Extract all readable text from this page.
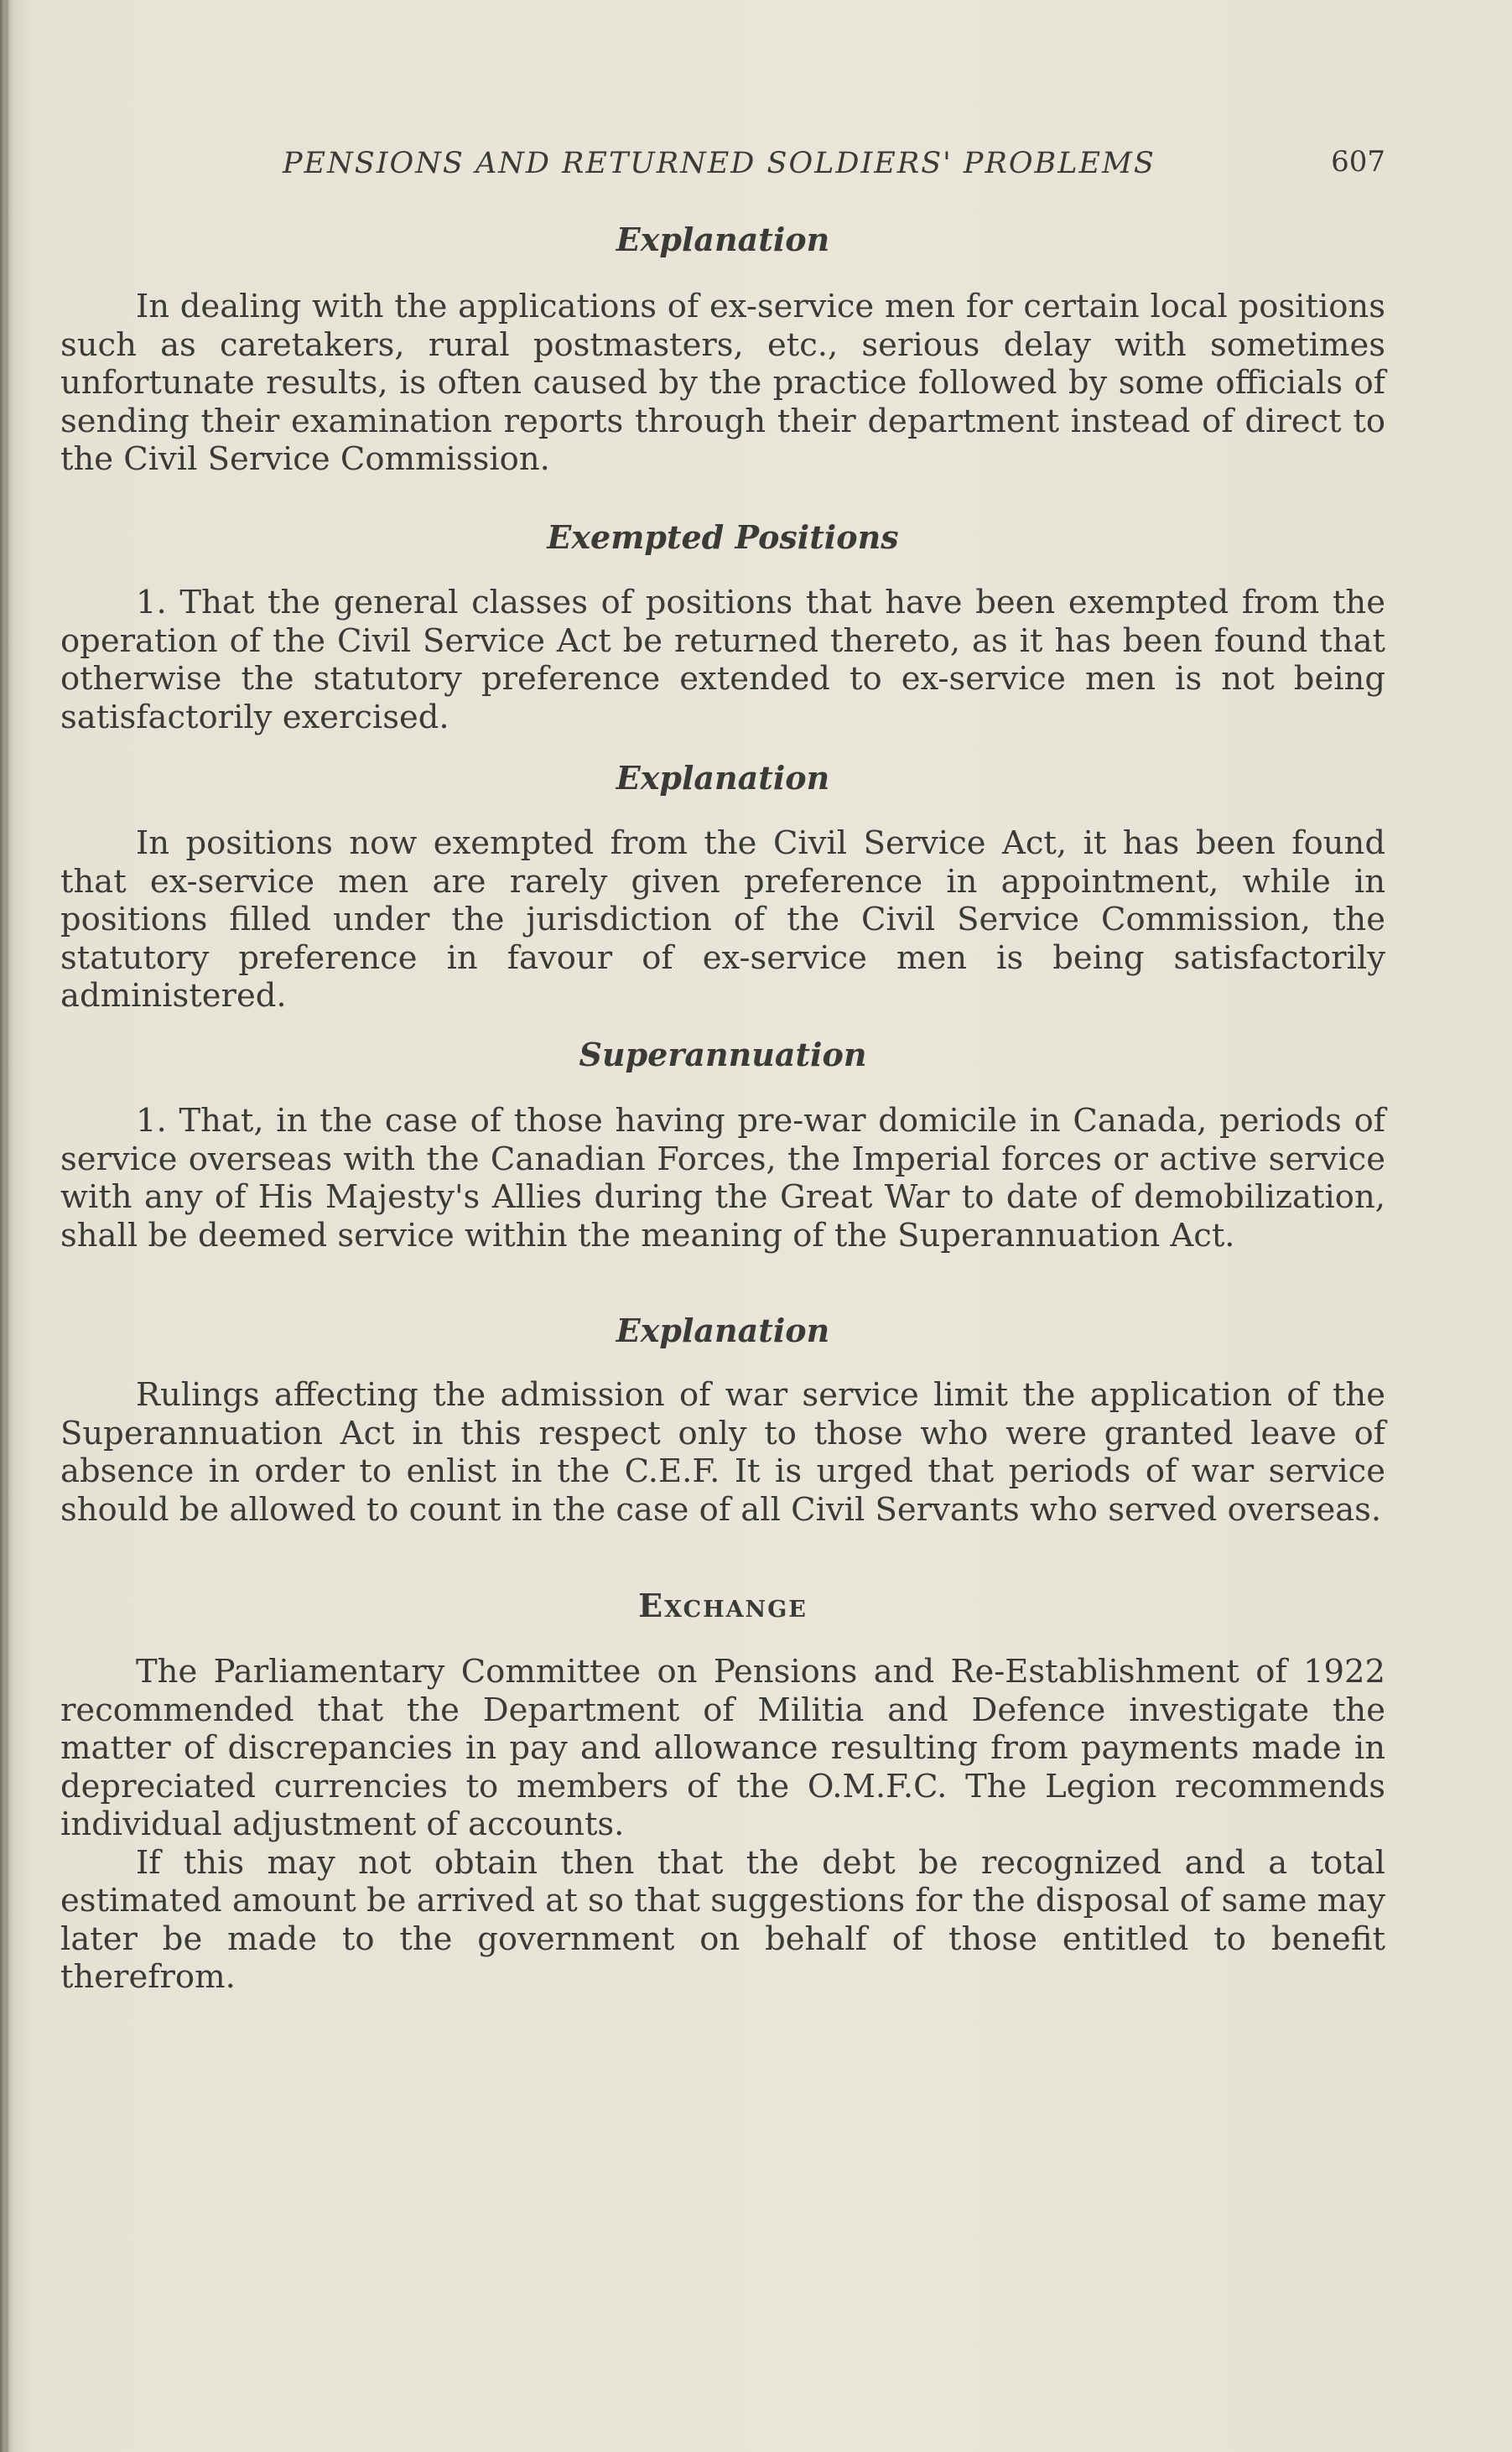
PENSIONS AND RETURNED SOLDIERS' PROBLEMS	607
Explanation

In dealing with the applications of ex-service men for certain local positions such as caretakers, rural postmasters, etc., serious delay with sometimes unfortunate results, is often caused by the practice followed by some officials of sending their examination reports through their department instead of direct to the Civil Service Commission.

Exempted Positions

1. That the general classes of positions that have been exempted from the operation of the Civil Service Act be returned thereto, as it has been found that otherwise the statutory preference extended to ex-service men is not being satisfactorily exercised.

Explanation

In positions now exempted from the Civil Service Act, it has been found that ex-service men are rarely given preference in appointment, while in positions filled under the jurisdiction of the Civil Service Commission, the statutory preference in favour of ex-service men is being satisfactorily administered.

Superannuation

1. That, in the case of those having pre-war domicile in Canada, periods of service overseas with the Canadian Forces, the Imperial forces or active service with any of His Majesty's Allies during the Great War to date of demobilization, shall be deemed service within the meaning of the Superannuation Act.

Explanation

Rulings affecting the admission of war service limit the application of the Superannuation Act in this respect only to those who were granted leave of absence in order to enlist in the C.E.F. It is urged that periods of war service should be allowed to count in the case of all Civil Servants who served overseas.

Exchange

The Parliamentary Committee on Pensions and Re-Establishment of 1922 recommended that the Department of Militia and Defence investigate the matter of discrepancies in pay and allowance resulting from payments made in depreciated currencies to members of the O.M.F.C. The Legion recommends individual adjustment of accounts.

If this may not obtain then that the debt be recognized and a total estimated amount be arrived at so that suggestions for the disposal of same may later be made to the government on behalf of those entitled to benefit therefrom.
